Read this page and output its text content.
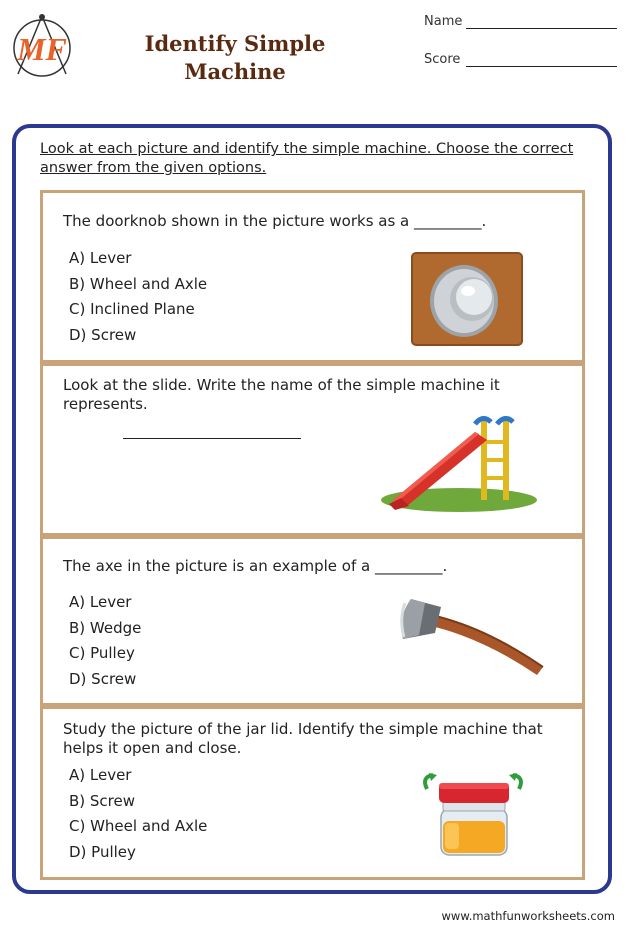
MF	Identify Simple
Machine
Name
Score
Look at each picture and identify the simple machine. Choose the correct answer from the given options.
The doorknob shown in the picture works as a _________.
A) Lever
B) Wheel and Axle
C) Inclined Plane
D) Screw
Look at the slide. Write the name of the simple machine it represents.
The axe in the picture is an example of a _________.
A) Lever
B) Wedge
C) Pulley
D) Screw
Study the picture of the jar lid. Identify the simple machine that helps it open and close.
A) Lever
B) Screw
C) Wheel and Axle
D) Pulley
www.mathfunworksheets.com
